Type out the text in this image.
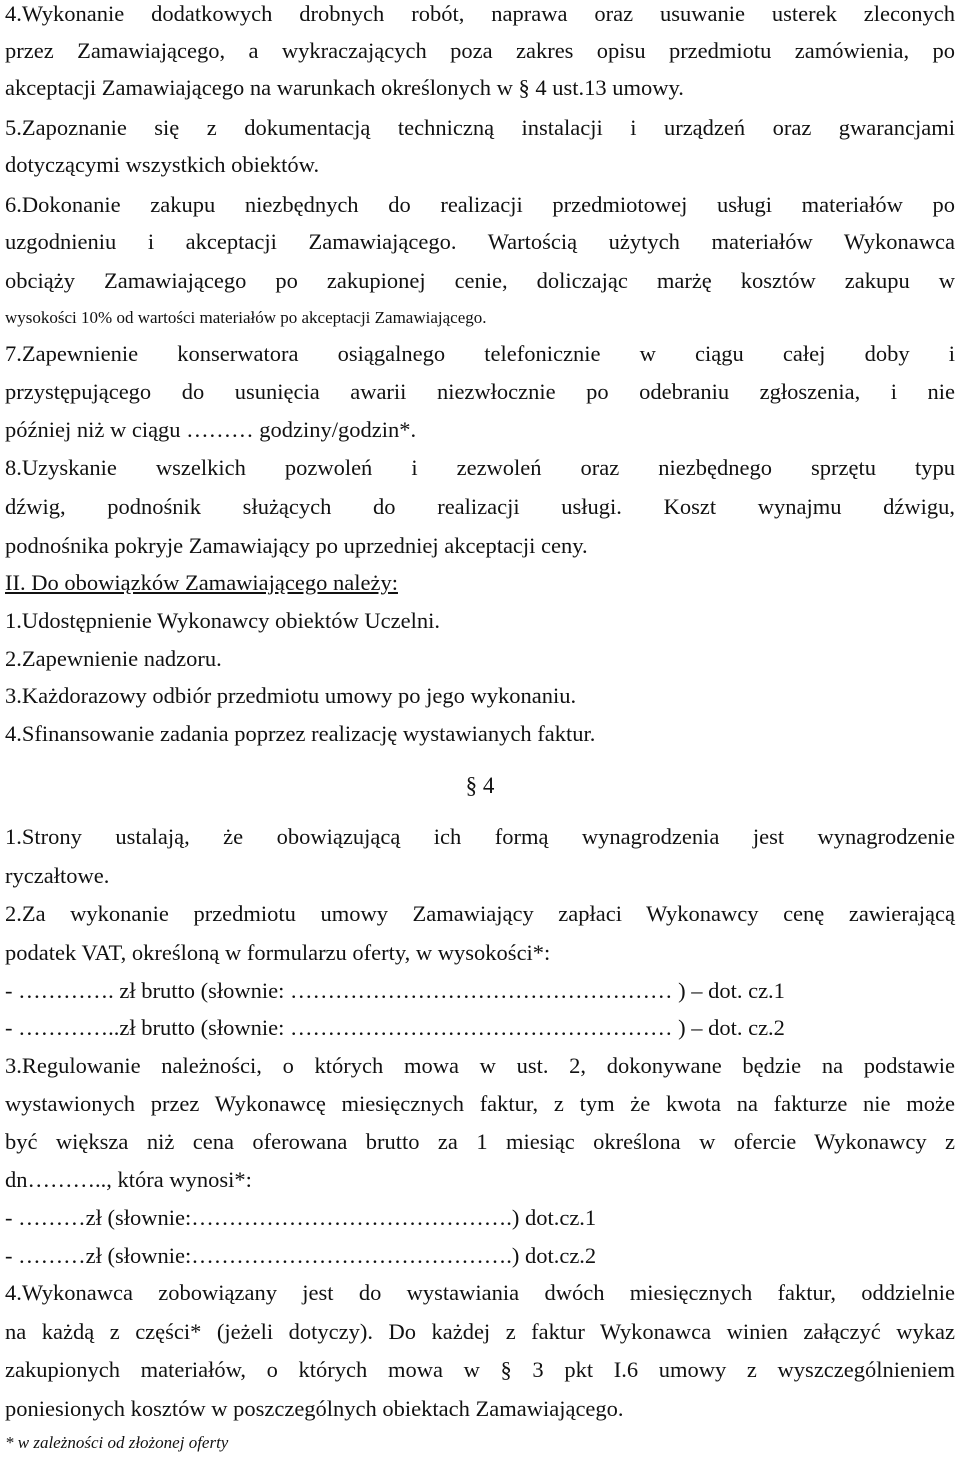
4.Wykonanie dodatkowych drobnych robót, naprawa oraz usuwanie usterek zleconych
przez Zamawiającego, a wykraczających poza zakres opisu przedmiotu zamówienia, po
akceptacji Zamawiającego na warunkach określonych w § 4 ust.13 umowy.
5.Zapoznanie się z dokumentacją techniczną instalacji i urządzeń oraz gwarancjami
dotyczącymi wszystkich obiektów.
6.Dokonanie zakupu niezbędnych do realizacji przedmiotowej usługi materiałów po
uzgodnieniu i akceptacji Zamawiającego. Wartością użytych materiałów Wykonawca
obciąży Zamawiającego po zakupionej cenie, doliczając marżę kosztów zakupu w
wysokości 10% od wartości materiałów po akceptacji Zamawiającego.
7.Zapewnienie konserwatora osiągalnego telefonicznie w ciągu całej doby i
przystępującego do usunięcia awarii niezwłocznie po odebraniu zgłoszenia, i nie
później niż w ciągu ……… godziny/godzin*.
8.Uzyskanie wszelkich pozwoleń i zezwoleń oraz niezbędnego sprzętu typu
dźwig, podnośnik służących do realizacji usługi. Koszt wynajmu dźwigu,
podnośnika pokryje Zamawiający po uprzedniej akceptacji ceny.
II. Do obowiązków Zamawiającego należy:
1.Udostępnienie Wykonawcy obiektów Uczelni.
2.Zapewnienie nadzoru.
3.Każdorazowy odbiór przedmiotu umowy po jego wykonaniu.
4.Sfinansowanie zadania poprzez realizację wystawianych faktur.
§ 4
1.Strony ustalają, że obowiązującą ich formą wynagrodzenia jest wynagrodzenie
ryczałtowe.
2.Za wykonanie przedmiotu umowy Zamawiający zapłaci Wykonawcy cenę zawierającą
podatek VAT, określoną w formularzu oferty, w wysokości*:
- …………. zł brutto (słownie: …………………………………………… ) – dot. cz.1
- …………..zł brutto (słownie: …………………………………………… ) – dot. cz.2
3.Regulowanie należności, o których mowa w ust. 2, dokonywane będzie na podstawie
wystawionych przez Wykonawcę miesięcznych faktur, z tym że kwota na fakturze nie może
być większa niż cena oferowana brutto za 1 miesiąc określona w ofercie Wykonawcy z
dn……….., która wynosi*:
- ………zł (słownie:…………………………………….) dot.cz.1
- ………zł (słownie:…………………………………….) dot.cz.2
4.Wykonawca zobowiązany jest do wystawiania dwóch miesięcznych faktur, oddzielnie
na każdą z części* (jeżeli dotyczy). Do każdej z faktur Wykonawca winien załączyć wykaz
zakupionych materiałów, o których mowa w § 3 pkt I.6 umowy z wyszczególnieniem
poniesionych kosztów w poszczególnych obiektach Zamawiającego.
* w zależności od złożonej oferty
